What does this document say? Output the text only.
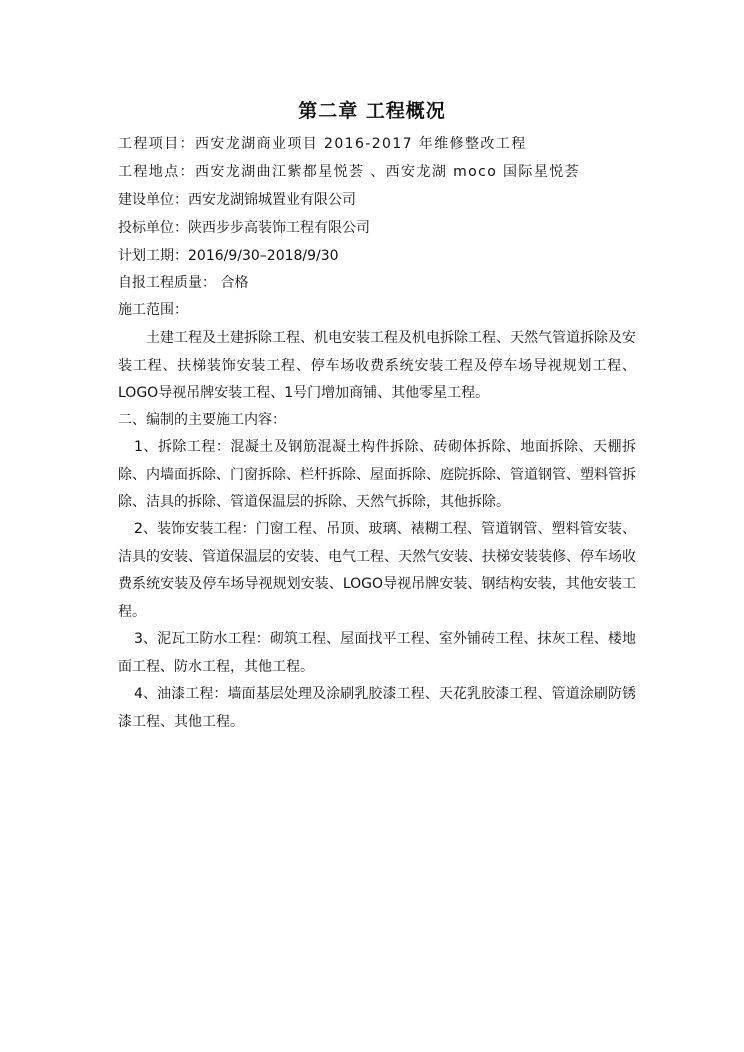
第二章 工程概况
工程项目：西安龙湖商业项目 2016-2017 年维修整改工程
工程地点：西安龙湖曲江紫都星悦荟 、西安龙湖 moco 国际星悦荟
建设单位：西安龙湖锦城置业有限公司
投标单位：陕西步步高装饰工程有限公司
计划工期：2016/9/30–2018/9/30
自报工程质量： 合格
施工范围：
土建工程及土建拆除工程、机电安装工程及机电拆除工程、天然气管道拆除及安装工程、扶梯装饰安装工程、停车场收费系统安装工程及停车场导视规划工程、LOGO导视吊牌安装工程、1号门增加商铺、其他零星工程。
二、编制的主要施工内容：
1、拆除工程：混凝土及钢筋混凝土构件拆除、砖砌体拆除、地面拆除、天棚拆除、内墙面拆除、门窗拆除、栏杆拆除、屋面拆除、庭院拆除、管道钢管、塑料管拆除、洁具的拆除、管道保温层的拆除、天然气拆除，其他拆除。
2、装饰安装工程：门窗工程、吊顶、玻璃、裱糊工程、管道钢管、塑料管安装、洁具的安装、管道保温层的安装、电气工程、天然气安装、扶梯安装装修、停车场收费系统安装及停车场导视规划安装、LOGO导视吊牌安装、钢结构安装，其他安装工程。
3、泥瓦工防水工程：砌筑工程、屋面找平工程、室外铺砖工程、抹灰工程、楼地面工程、防水工程，其他工程。
4、油漆工程：墙面基层处理及涂刷乳胶漆工程、天花乳胶漆工程、管道涂刷防锈漆工程、其他工程。
